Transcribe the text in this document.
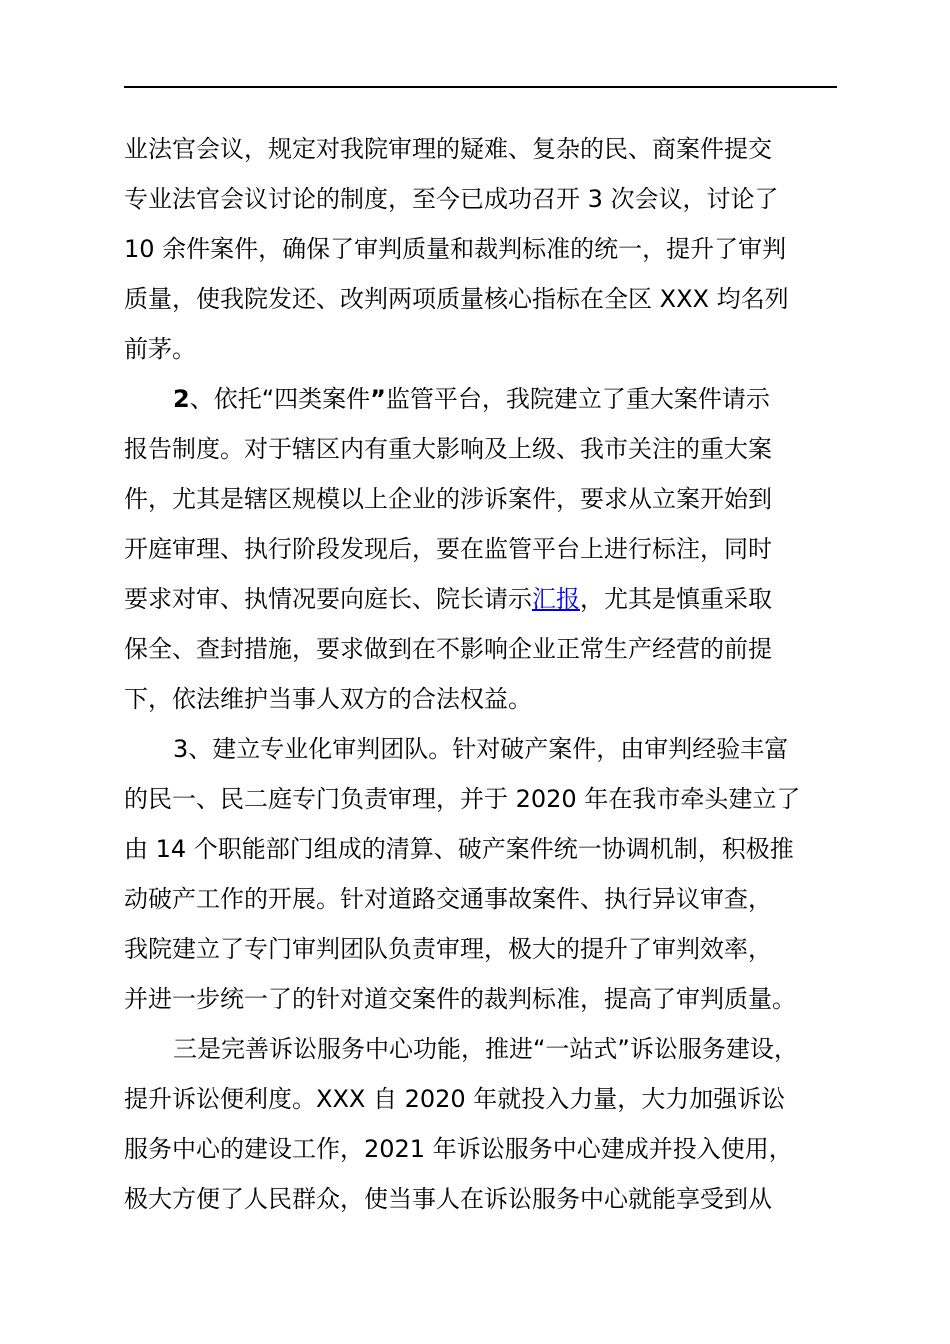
业法官会议，规定对我院审理的疑难、复杂的民、商案件提交
专业法官会议讨论的制度，至今已成功召开 3 次会议，讨论了
10 余件案件，确保了审判质量和裁判标准的统一，提升了审判
质量，使我院发还、改判两项质量核心指标在全区 XXX 均名列
前茅。
2、依托“四类案件”监管平台，我院建立了重大案件请示
报告制度。对于辖区内有重大影响及上级、我市关注的重大案
件，尤其是辖区规模以上企业的涉诉案件，要求从立案开始到
开庭审理、执行阶段发现后，要在监管平台上进行标注，同时
要求对审、执情况要向庭长、院长请示汇报，尤其是慎重采取
保全、查封措施，要求做到在不影响企业正常生产经营的前提
下，依法维护当事人双方的合法权益。
3、建立专业化审判团队。针对破产案件，由审判经验丰富
的民一、民二庭专门负责审理，并于 2020 年在我市牵头建立了
由 14 个职能部门组成的清算、破产案件统一协调机制，积极推
动破产工作的开展。针对道路交通事故案件、执行异议审查，
我院建立了专门审判团队负责审理，极大的提升了审判效率，
并进一步统一了的针对道交案件的裁判标准，提高了审判质量。
三是完善诉讼服务中心功能，推进“一站式”诉讼服务建设，
提升诉讼便利度。XXX 自 2020 年就投入力量，大力加强诉讼
服务中心的建设工作，2021 年诉讼服务中心建成并投入使用，
极大方便了人民群众，使当事人在诉讼服务中心就能享受到从
